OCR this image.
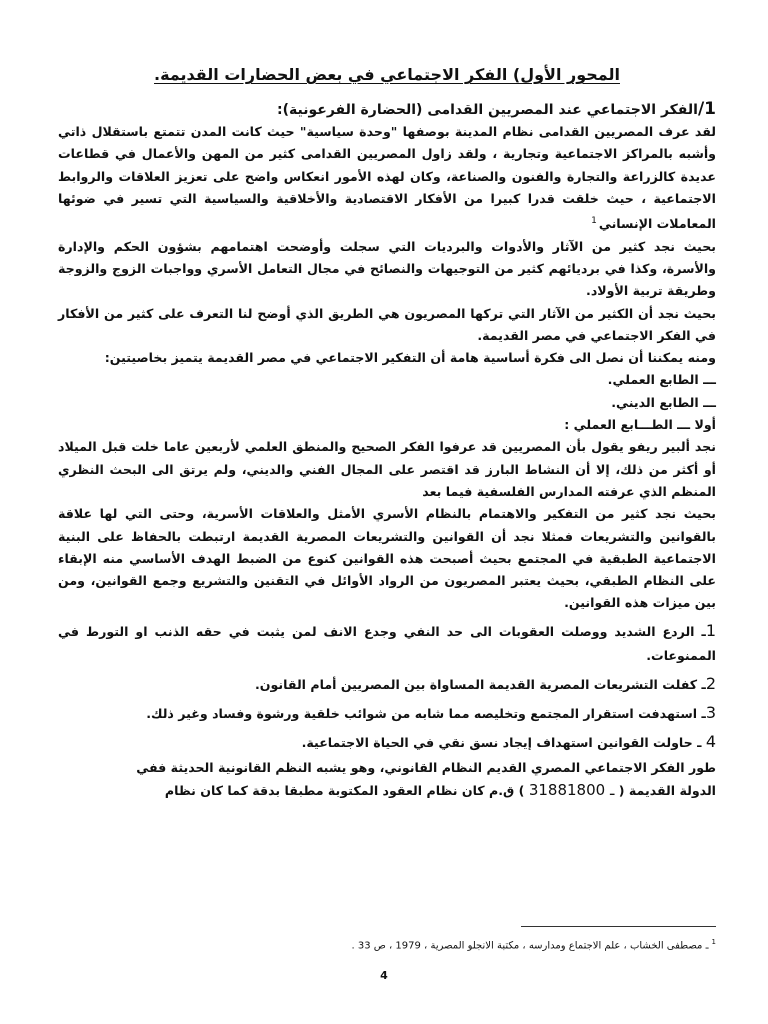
المحور الأول) الفكر الاجتماعي في بعض الحضارات القديمة.

1/الفكر الاجتماعي عند المصريين القدامى (الحضارة الفرعونية):

لقد عرف المصريين القدامى نظام المدينة بوصفها "وحدة سياسية" حيث كانت المدن تتمتع باستقلال ذاتي وأشبه بالمراكز الاجتماعية وتجارية ، ولقد زاول المصريين القدامى كثير من المهن والأعمال في قطاعات عديدة كالزراعة والتجارة والفنون والصناعة، وكان لهذه الأمور انعكاس واضح على تعزيز العلاقات والروابط الاجتماعية ، حيث خلقت قدرا كبيرا من الأفكار الاقتصادية والأخلاقية والسياسية التي تسير في ضوئها المعاملات الإنساني$^1$

بحيث نجد كثير من الآثار والأدوات والبرديات التي سجلت وأوضحت اهتمامهم بشؤون الحكم والإدارة والأسرة، وكذا في برديائهم كثير من التوجيهات والنصائح في مجال التعامل الأسري وواجبات الزوج والزوجة وطريقة تربية الأولاد.

بحيث نجد أن الكثير من الآثار التي تركها المصريون هي الطريق الذي أوضح لنا التعرف على كثير من الأفكار في الفكر الاجتماعي في مصر القديمة.

ومنه يمكننا أن نصل الى فكرة أساسية هامة أن التفكير الاجتماعي في مصر القديمة يتميز بخاصيتين:

ـــ الطابع العملي.

ـــ الطابع الديني.

أولا ـــ الطـــابع العملي :

نجد ألبير ريفو يقول بأن المصريين قد عرفوا الفكر الصحيح والمنطق العلمي لأربعين عاما خلت قبل الميلاد أو أكثر من ذلك، إلا أن النشاط البارز قد اقتصر على المجال الفني والديني، ولم يرتق الى البحث النظري المنظم الذي عرفته المدارس الفلسفية فيما بعد

بحيث نجد كثير من التفكير والاهتمام بالنظام الأسري الأمثل والعلاقات الأسرية، وحتى التي لها علاقة بالقوانين والتشريعات فمثلا نجد أن القوانين والتشريعات المصرية القديمة ارتبطت بالحفاظ على البنية الاجتماعية الطبقية في المجتمع بحيث أصبحت هذه القوانين كنوع من الضبط الهدف الأساسي منه الإبقاء على النظام الطبقي، بحيث يعتبر المصريون من الرواد الأوائل في التقنين والتشريع وجمع القوانين، ومن بين ميزات هذه القوانين.

1ـ الردع الشديد ووصلت العقوبات الى حد النفي وجدع الانف لمن يثبت في حقه الذنب او التورط في الممنوعات.

2ـ كفلت التشريعات المصرية القديمة المساواة بين المصريين أمام القانون.

3ـ استهدفت استقرار المجتمع وتخليصه مما شابه من شوائب خلقية ورشوة وفساد وغير ذلك.

4 ـ حاولت القوانين استهداف إيجاد نسق نقي في الحياة الاجتماعية.

طور الفكر الاجتماعي المصري القديم النظام القانوني، وهو يشبه النظم القانونية الحديثة ففي

الدولة القديمة ( 3188	ـ 1800 ) ق.م كان نظام العقود المكتوبة مطبقا بدقة كما كان نظام

$^1$ـ مصطفى الخشاب ، علم الاجتماع ومدارسه ، مكتبة الانجلو المصرية ، 1979 ، ص 33 .
4
